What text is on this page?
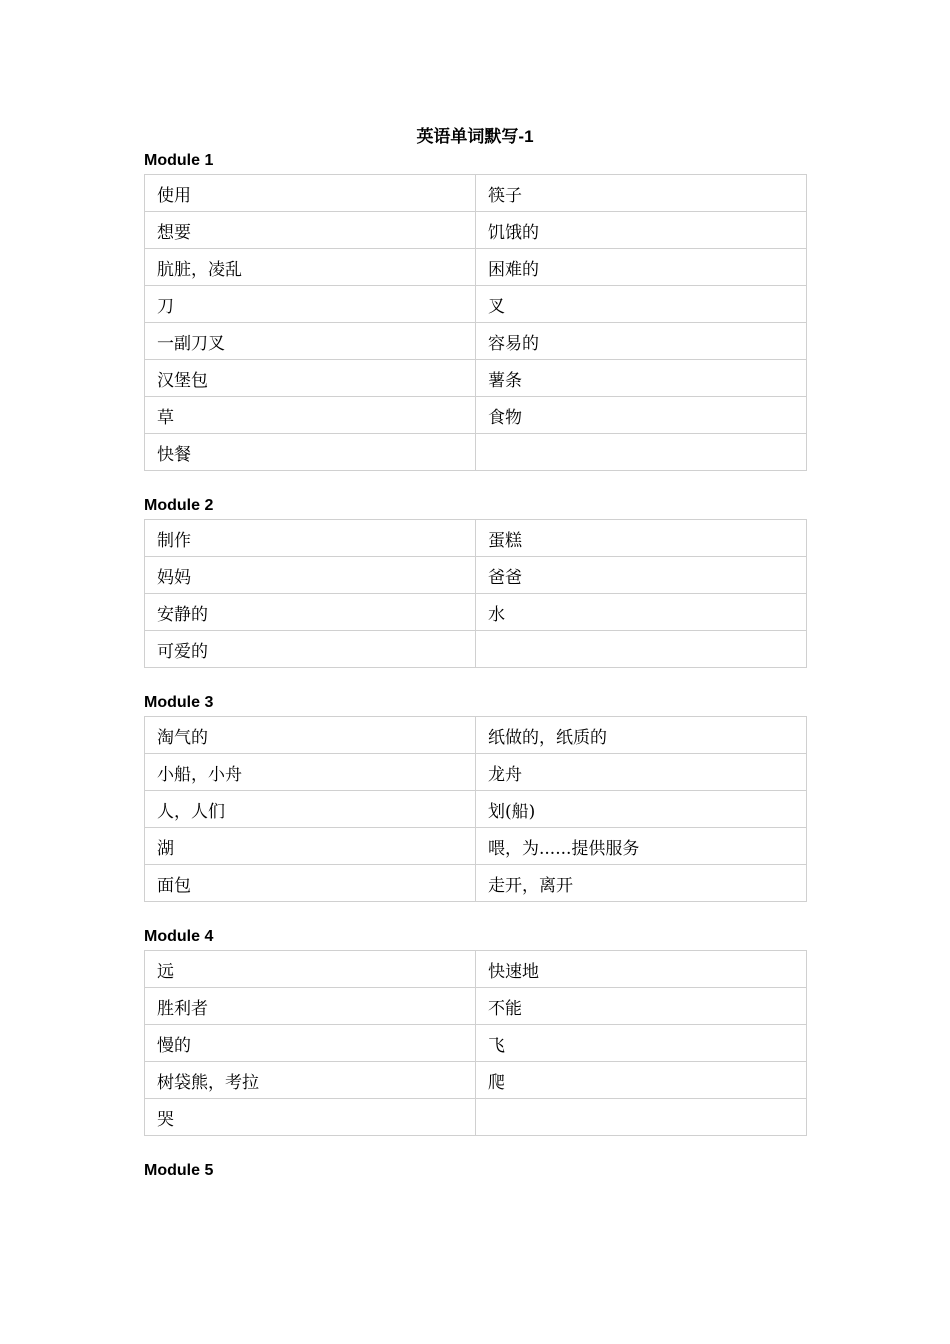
英语单词默写-1
Module 1
使用	筷子
想要	饥饿的
肮脏，凌乱	困难的
刀	叉
一副刀叉	容易的
汉堡包	薯条
草	食物
快餐	
Module 2
制作	蛋糕
妈妈	爸爸
安静的	水
可爱的	
Module 3
淘气的	纸做的，纸质的
小船，小舟	龙舟
人，人们	划(船)
湖	喂，为......提供服务
面包	走开，离开
Module 4
远	快速地
胜利者	不能
慢的	飞
树袋熊，考拉	爬
哭	
Module 5
